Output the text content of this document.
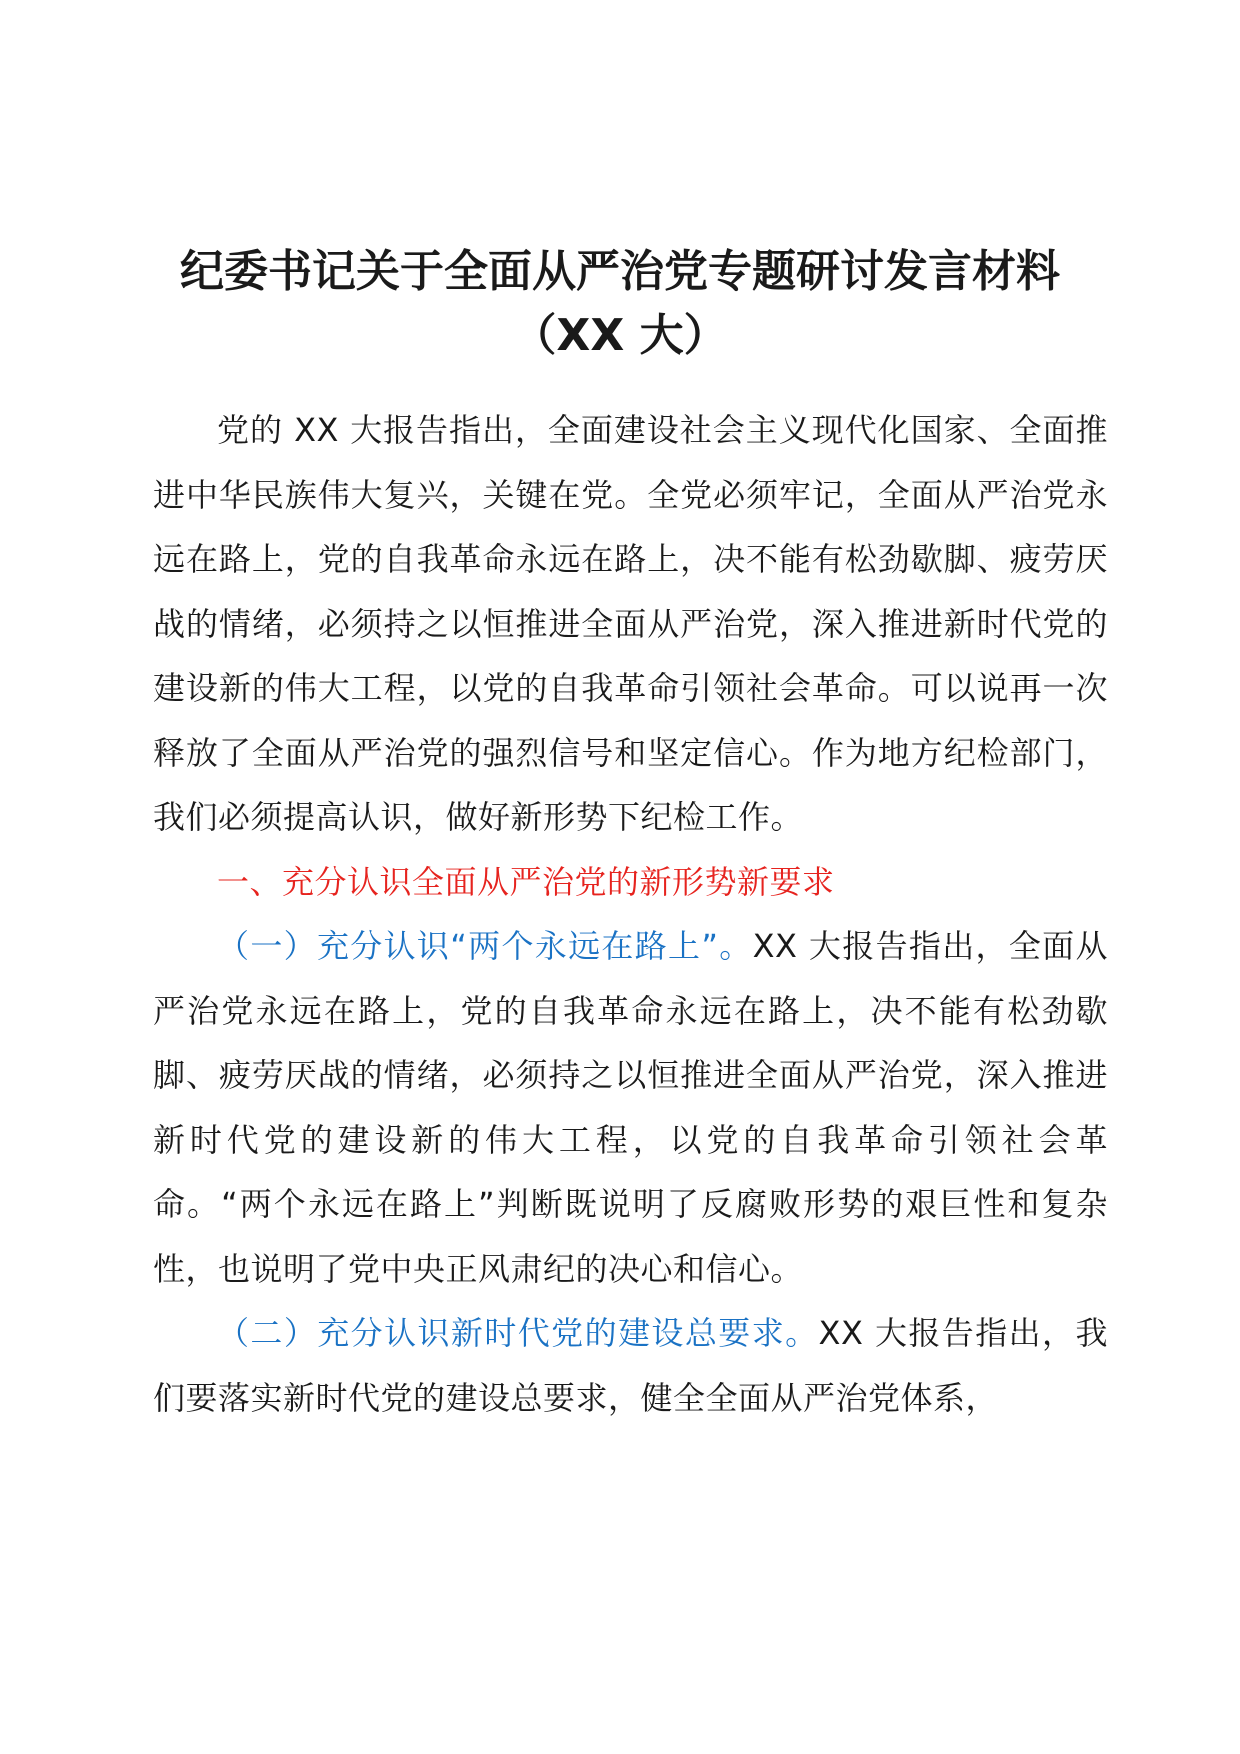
纪委书记关于全面从严治党专题研讨发言材料
（XX 大）

党的 XX 大报告指出，全面建设社会主义现代化国家、全面推进中华民族伟大复兴，关键在党。全党必须牢记，全面从严治党永远在路上，党的自我革命永远在路上，决不能有松劲歇脚、疲劳厌战的情绪，必须持之以恒推进全面从严治党，深入推进新时代党的建设新的伟大工程，以党的自我革命引领社会革命。可以说再一次释放了全面从严治党的强烈信号和坚定信心。作为地方纪检部门，我们必须提高认识，做好新形势下纪检工作。

一、充分认识全面从严治党的新形势新要求

（一）充分认识“两个永远在路上”。XX 大报告指出，全面从严治党永远在路上，党的自我革命永远在路上，决不能有松劲歇脚、疲劳厌战的情绪，必须持之以恒推进全面从严治党，深入推进新时代党的建设新的伟大工程，以党的自我革命引领社会革命。“两个永远在路上”判断既说明了反腐败形势的艰巨性和复杂性，也说明了党中央正风肃纪的决心和信心。

（二）充分认识新时代党的建设总要求。XX 大报告指出，我们要落实新时代党的建设总要求，健全全面从严治党体系，
